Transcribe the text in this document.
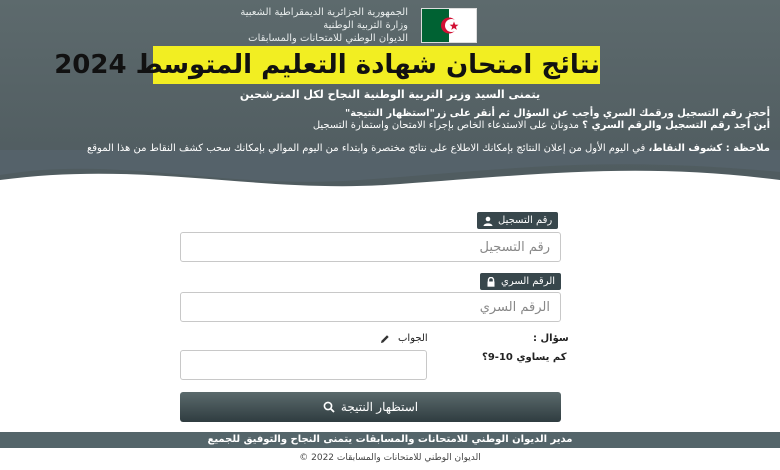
الجمهورية الجزائرية الديمقراطية الشعبية
وزارة التربية الوطنية
الديوان الوطني للامتحانات والمسابقات
نتائج امتحان شهادة التعليم المتوسط 2024
يتمنى السيد وزير التربية الوطنية النجاح لكل المترشحين
أحجز رقم التسجيل ورقمك السري وأجب عن السؤال ثم أنقر على زر"استظهار النتيجة"
أين أجد رقم التسجيل والرقم السري ؟ مدونان على الاستدعاء الخاص بإجراء الامتحان واستمارة التسجيل
ملاحظة : كشوف النقاط، في اليوم الأول من إعلان النتائج بإمكانك الاطلاع على نتائج مختصرة وابتداء من اليوم الموالي بإمكانك سحب كشف النقاط من هذا الموقع
رقم التسجيل
رقم التسجيل
الرقم السري
الرقم السري
سؤال :
كم يساوي 10-9؟
الجواب
استظهار النتيجة
مدير الديوان الوطني للامتحانات والمسابقات يتمنى النجاح والتوفيق للجميع
الديوان الوطني للامتحانات والمسابقات 2022 ©
